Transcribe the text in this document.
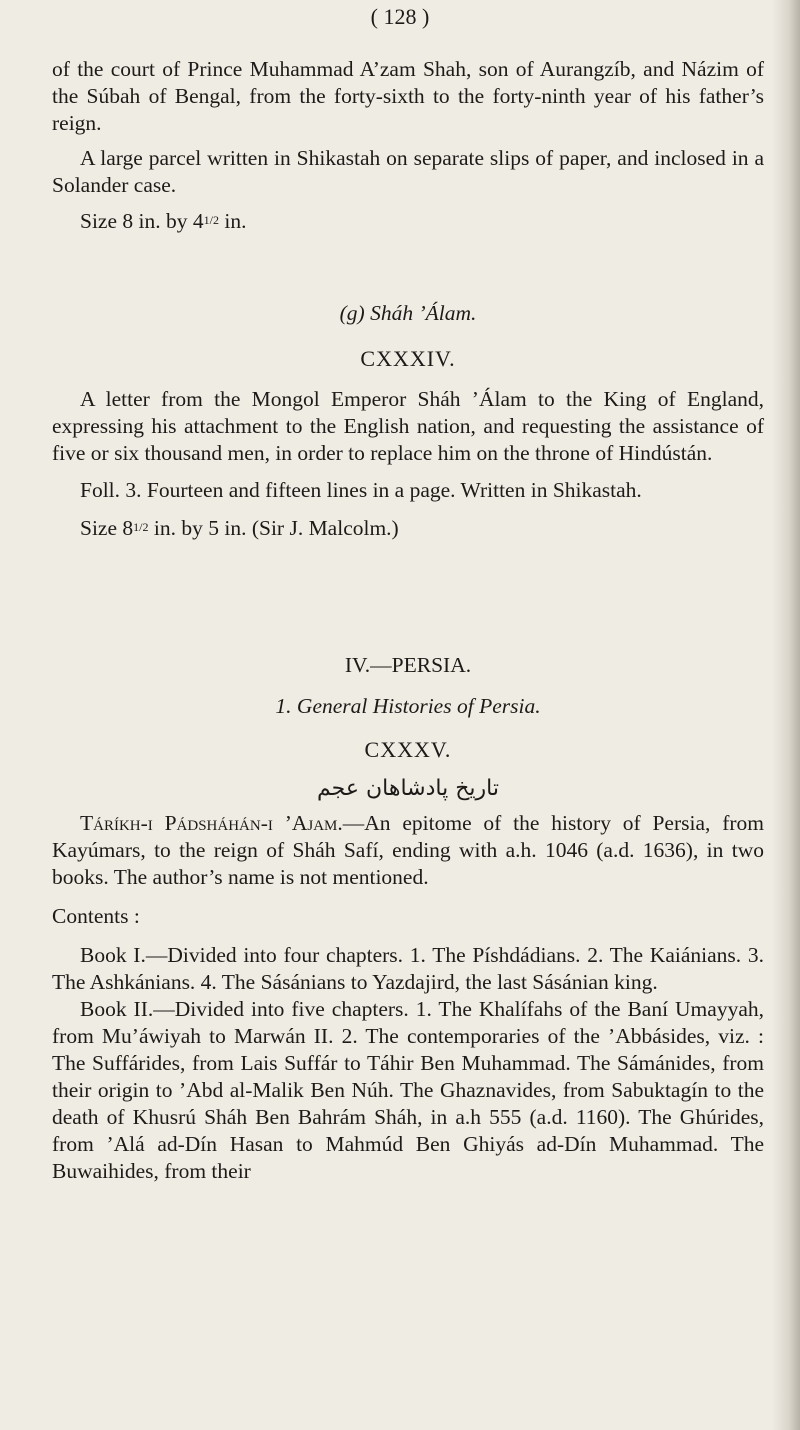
( 128 )

of the court of Prince Muhammad A’zam Shah, son of Aurangzíb, and Názim of the Súbah of Bengal, from the forty-sixth to the forty-ninth year of his father’s reign.

A large parcel written in Shikastah on separate slips of paper, and inclosed in a Solander case.

Size 8 in. by 41/2 in.

(g) Sháh ’Álam.

CXXXIV.

A letter from the Mongol Emperor Sháh ’Álam to the King of England, expressing his attachment to the English nation, and requesting the assistance of five or six thousand men, in order to replace him on the throne of Hindústán.

Foll. 3. Fourteen and fifteen lines in a page. Written in Shikastah.

Size 81/2 in. by 5 in. (Sir J. Malcolm.)

IV.—PERSIA.

1. General Histories of Persia.

CXXXV.

تاریخ پادشاهان عجم

Táríkh-i Pádsháhán-i ’Ajam.—An epitome of the history of Persia, from Kayúmars, to the reign of Sháh Safí, ending with a.h. 1046 (a.d. 1636), in two books. The author’s name is not mentioned.

Contents :

Book I.—Divided into four chapters. 1. The Píshdádians. 2. The Kaiánians. 3. The Ashkánians. 4. The Sásánians to Yazdajird, the last Sásánian king.

Book II.—Divided into five chapters. 1. The Khalífahs of the Baní Umayyah, from Mu’áwiyah to Marwán II. 2. The contemporaries of the ’Abbásides, viz. : The Suffárides, from Lais Suffár to Táhir Ben Muhammad. The Sámánides, from their origin to ’Abd al-Malik Ben Núh. The Ghaznavides, from Sabuktagín to the death of Khusrú Sháh Ben Bahrám Sháh, in a.h 555 (a.d. 1160). The Ghúrides, from ’Alá ad-Dín Hasan to Mahmúd Ben Ghiyás ad-Dín Muhammad. The Buwaihides, from their
